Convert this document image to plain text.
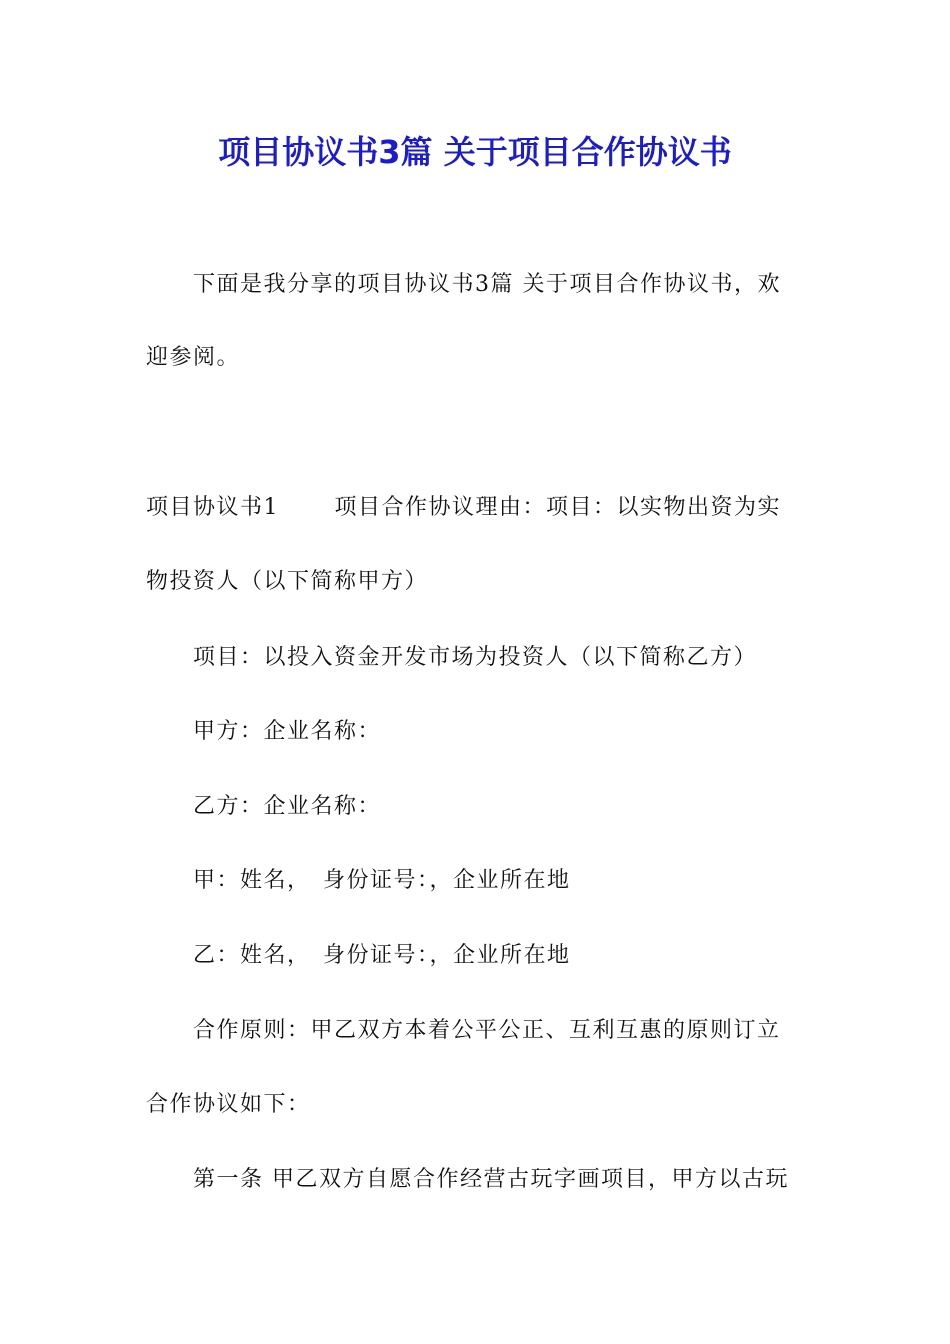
项目协议书3篇 关于项目合作协议书
下面是我分享的项目协议书3篇 关于项目合作协议书，欢
迎参阅。
项目协议书1　　 项目合作协议理由：项目：以实物出资为实
物投资人（以下简称甲方）
项目：以投入资金开发市场为投资人（以下简称乙方）
甲方：企业名称：
乙方：企业名称：
甲：姓名，　身份证号：，企业所在地
乙：姓名，　身份证号：，企业所在地
合作原则：甲乙双方本着公平公正、互利互惠的原则订立
合作协议如下：
第一条 甲乙双方自愿合作经营古玩字画项目，甲方以古玩
